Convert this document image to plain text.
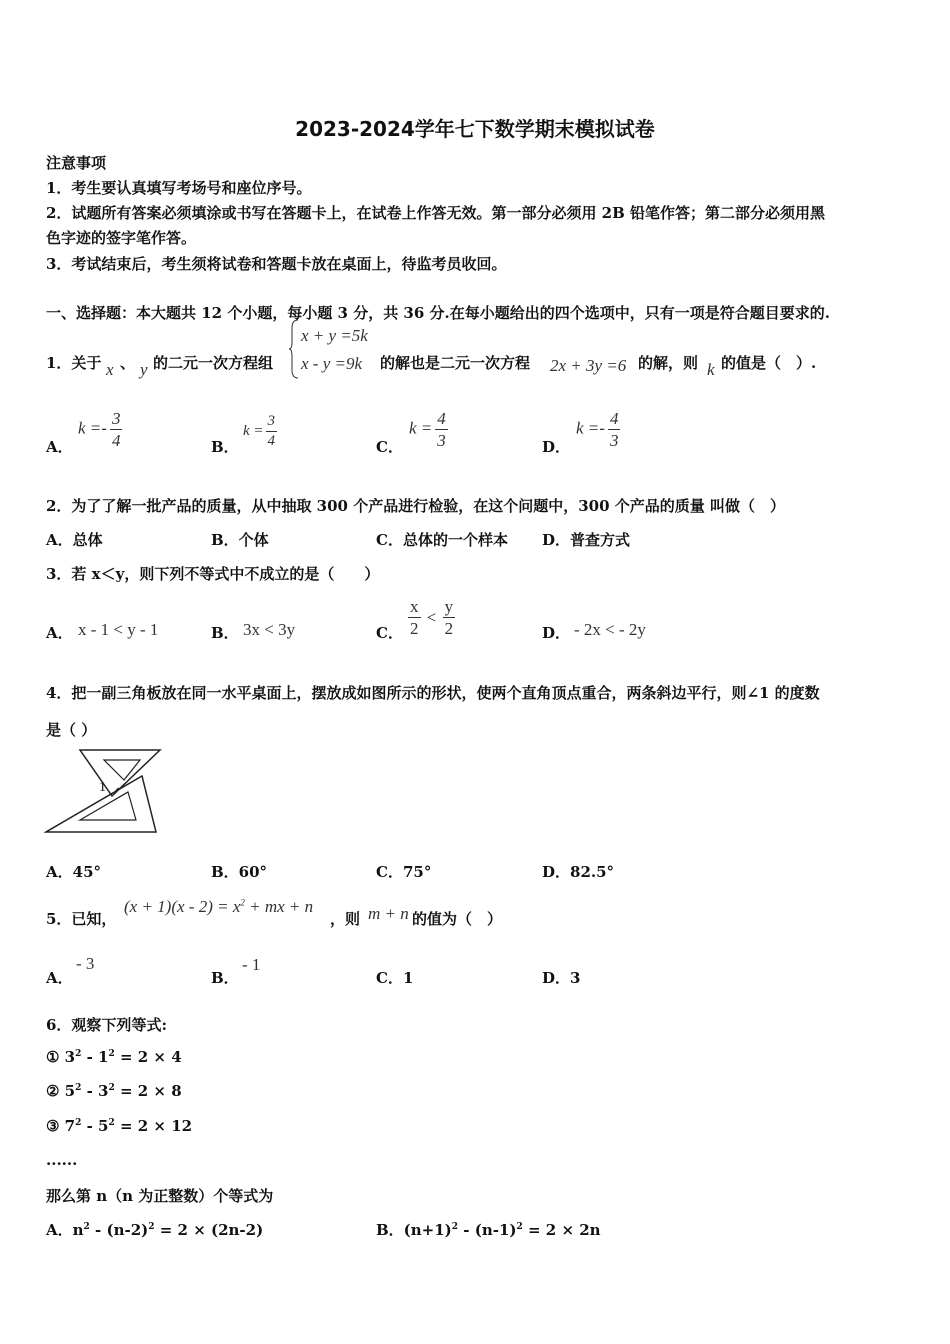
2023-2024学年七下数学期末模拟试卷
注意事项
1．考生要认真填写考场号和座位序号。
2．试题所有答案必须填涂或书写在答题卡上，在试卷上作答无效。第一部分必须用 2B 铅笔作答；第二部分必须用黑
色字迹的签字笔作答。
3．考试结束后，考生须将试卷和答题卡放在桌面上，待监考员收回。
一、选择题：本大题共 12 个小题，每小题 3 分，共 36 分.在每小题给出的四个选项中，只有一项是符合题目要求的.
1．关于 x 、 y 的二元一次方程组
x + y =5k
x - y =9k 的解也是二元一次方程 2x + 3y =6 的解，则 k 的值是（　）.
A．
$k =- \frac{3}{4}$	B．
$k = \frac{3}{4}$	C．
$k = \frac{4}{3}$	D．
$k =- \frac{4}{3}$
2．为了了解一批产品的质量，从中抽取 300 个产品进行检验，在这个问题中，300 个产品的质量 叫做（　）
A．总体	B．个体	C．总体的一个样本 D．普查方式
3．若 x＜y，则下列不等式中不成立的是（　　）
A． x - 1 < y - 1	B． 3x < 3y	C． $\frac{x}{2} < \frac{y}{2}$	D． - 2x < - 2y
4．把一副三角板放在同一水平桌面上，摆放成如图所示的形状，使两个直角顶点重合，两条斜边平行，则∠1 的度数
是（ ）
1
A．45°	B．60°	C．75°	D．82.5°
5．已知，
$(x + 1)(x - 2) = x^2$ + mx + n
，则 m + n 的值为（　）
A．
- 3
B．
- 1
C．1	D．3
6．观察下列等式:
① $3^2 - 1^2 = 2 \times 4$
② $5^2 - 3^2 = 2 \times 8$
③ $7^2 - 5^2 = 2 \times 12$
......
那么第 n（n 为正整数）个等式为
A．$n^2 - (n-2)^2 = 2 \times (2n-2)$	B．$(n+1)^2 - (n-1)^2 = 2 \times 2n$
